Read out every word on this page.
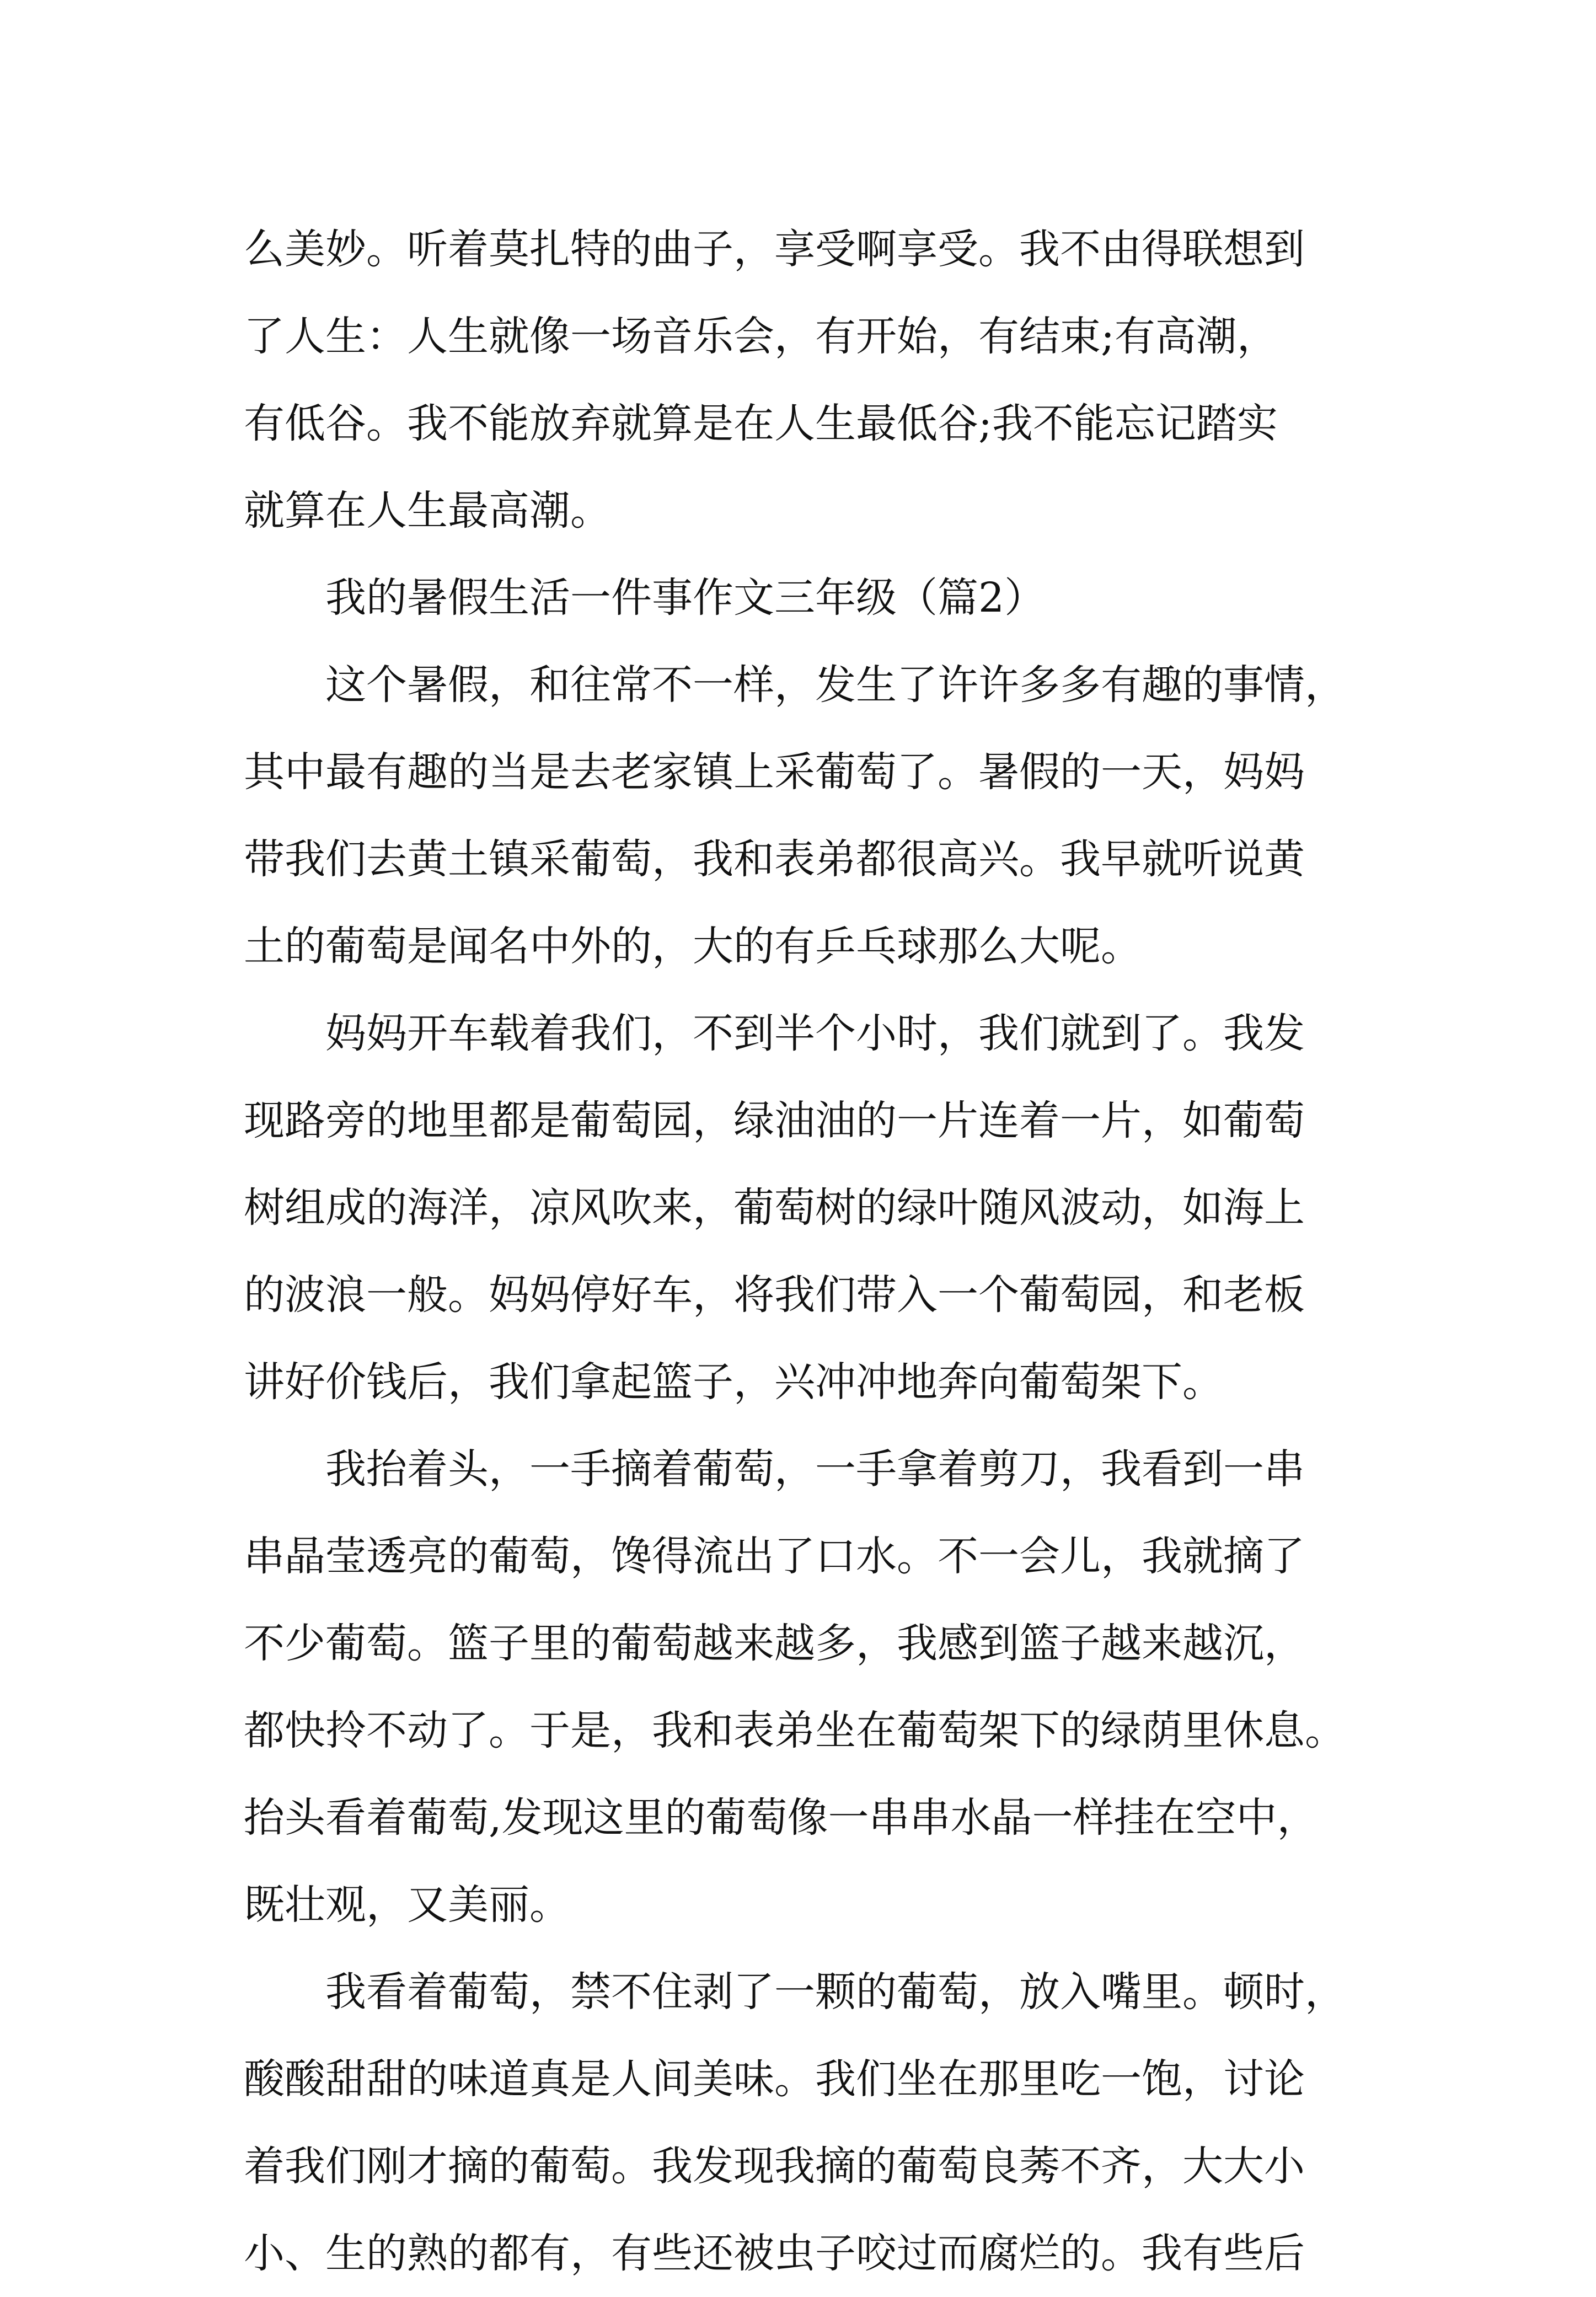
么美妙。听着莫扎特的曲子，享受啊享受。我不由得联想到
了人生：人生就像一场音乐会，有开始，有结束;有高潮，
有低谷。我不能放弃就算是在人生最低谷;我不能忘记踏实
就算在人生最高潮。
　　我的暑假生活一件事作文三年级（篇2）
　　这个暑假，和往常不一样，发生了许许多多有趣的事情，
其中最有趣的当是去老家镇上采葡萄了。暑假的一天，妈妈
带我们去黄土镇采葡萄，我和表弟都很高兴。我早就听说黄
土的葡萄是闻名中外的，大的有乒乓球那么大呢。
　　妈妈开车载着我们，不到半个小时，我们就到了。我发
现路旁的地里都是葡萄园，绿油油的一片连着一片，如葡萄
树组成的海洋，凉风吹来，葡萄树的绿叶随风波动，如海上
的波浪一般。妈妈停好车，将我们带入一个葡萄园，和老板
讲好价钱后，我们拿起篮子，兴冲冲地奔向葡萄架下。
　　我抬着头，一手摘着葡萄，一手拿着剪刀，我看到一串
串晶莹透亮的葡萄，馋得流出了口水。不一会儿，我就摘了
不少葡萄。篮子里的葡萄越来越多，我感到篮子越来越沉，
都快拎不动了。于是，我和表弟坐在葡萄架下的绿荫里休息。
抬头看着葡萄,发现这里的葡萄像一串串水晶一样挂在空中，
既壮观，又美丽。
　　我看着葡萄，禁不住剥了一颗的葡萄，放入嘴里。顿时，
酸酸甜甜的味道真是人间美味。我们坐在那里吃一饱，讨论
着我们刚才摘的葡萄。我发现我摘的葡萄良莠不齐，大大小
小、生的熟的都有，有些还被虫子咬过而腐烂的。我有些后
